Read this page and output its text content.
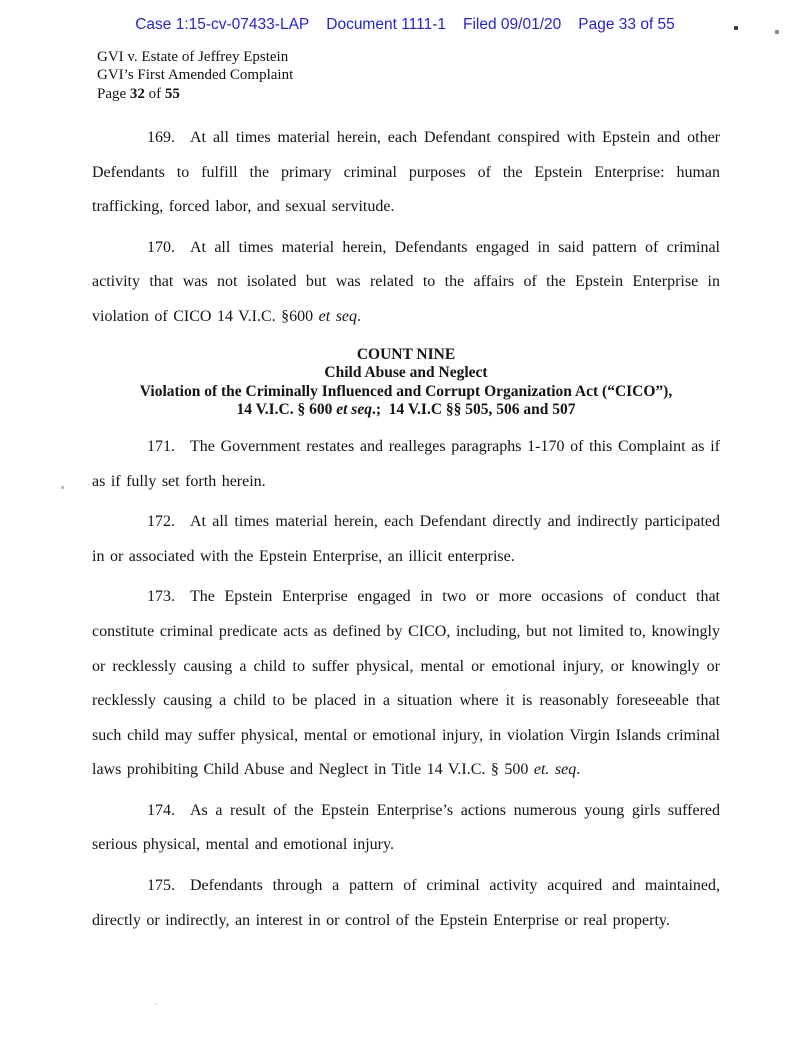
Case 1:15-cv-07433-LAP Document 1111-1 Filed 09/01/20 Page 33 of 55
GVI v. Estate of Jeffrey Epstein
GVI’s First Amended Complaint
Page 32 of 55

169. At all times material herein, each Defendant conspired with Epstein and other Defendants to fulfill the primary criminal purposes of the Epstein Enterprise: human trafficking, forced labor, and sexual servitude.

170. At all times material herein, Defendants engaged in said pattern of criminal activity that was not isolated but was related to the affairs of the Epstein Enterprise in violation of CICO 14 V.I.C. §600 et seq.

COUNT NINE
Child Abuse and Neglect
Violation of the Criminally Influenced and Corrupt Organization Act (“CICO”),
14 V.I.C. § 600 et seq.;  14 V.I.C §§ 505, 506 and 507

171. The Government restates and realleges paragraphs 1-170 of this Complaint as if as if fully set forth herein.

172. At all times material herein, each Defendant directly and indirectly participated in or associated with the Epstein Enterprise, an illicit enterprise.

173. The Epstein Enterprise engaged in two or more occasions of conduct that constitute criminal predicate acts as defined by CICO, including, but not limited to, knowingly or recklessly causing a child to suffer physical, mental or emotional injury, or knowingly or recklessly causing a child to be placed in a situation where it is reasonably foreseeable that such child may suffer physical, mental or emotional injury, in violation Virgin Islands criminal laws prohibiting Child Abuse and Neglect in Title 14 V.I.C. § 500 et. seq.

174. As a result of the Epstein Enterprise’s actions numerous young girls suffered serious physical, mental and emotional injury.

175. Defendants through a pattern of criminal activity acquired and maintained, directly or indirectly, an interest in or control of the Epstein Enterprise or real property.
